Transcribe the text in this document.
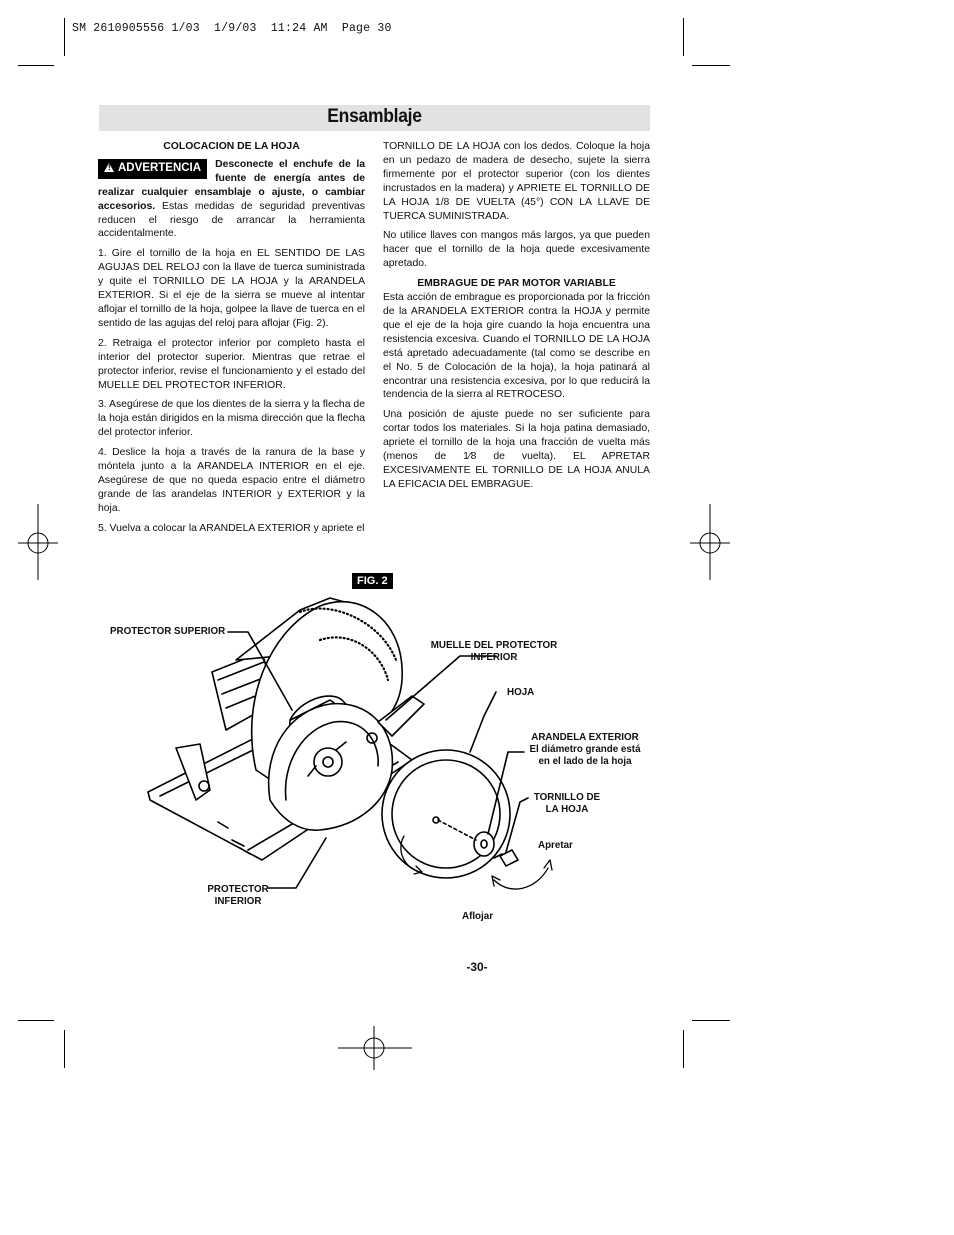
SM 2610905556 1/03  1/9/03  11:24 AM  Page 30
Ensamblaje

COLOCACION DE LA HOJA

! ADVERTENCIA	Desconecte el enchufe de la fuente de energía antes de realizar cualquier ensamblaje o ajuste, o cambiar accesorios. Estas medidas de seguridad preventivas reducen el riesgo de arrancar la herramienta accidentalmente.

1. Gire el tornillo de la hoja en EL SENTIDO DE LAS AGUJAS DEL RELOJ con la llave de tuerca suministrada y quite el TORNILLO DE LA HOJA y la ARANDELA EXTERIOR. Si el eje de la sierra se mueve al intentar aflojar el tornillo de la hoja, golpee la llave de tuerca en el sentido de las agujas del reloj para aflojar (Fig. 2).

2. Retraiga el protector inferior por completo hasta el interior del protector superior. Mientras que retrae el protector inferior, revise el funcionamiento y el estado del MUELLE DEL PROTECTOR INFERIOR.

3. Asegúrese de que los dientes de la sierra y la flecha de la hoja están dirigidos en la misma dirección que la flecha del protector inferior.

4. Deslice la hoja a través de la ranura de la base y móntela junto a la ARANDELA INTERIOR en el eje. Asegúrese de que no queda espacio entre el diámetro grande de las arandelas INTERIOR y EXTERIOR y la hoja.

5. Vuelva a colocar la ARANDELA EXTERIOR y apriete el

TORNILLO DE LA HOJA con los dedos. Coloque la hoja en un pedazo de madera de desecho, sujete la sierra firmemente por el protector superior (con los dientes incrustados en la madera) y APRIETE EL TORNILLO DE LA HOJA 1/8 DE VUELTA (45°) CON LA LLAVE DE TUERCA SUMINISTRADA.

No utilice llaves con mangos más largos, ya que pueden hacer que el tornillo de la hoja quede excesivamente apretado.

EMBRAGUE DE PAR MOTOR VARIABLE

Esta acción de embrague es proporcionada por la fricción de la ARANDELA EXTERIOR contra la HOJA y permite que el eje de la hoja gire cuando la hoja encuentra una resistencia excesiva. Cuando el TORNILLO DE LA HOJA está apretado adecuadamente (tal como se describe en el No. 5 de Colocación de la hoja), la hoja patinará al encontrar una resistencia excesiva, por lo que reducirá la tendencia de la sierra al RETROCESO.

Una posición de ajuste puede no ser suficiente para cortar todos los materiales. Si la hoja patina demasiado, apriete el tornillo de la hoja una fracción de vuelta más (menos de 1⁄8 de vuelta). EL APRETAR EXCESIVAMENTE EL TORNILLO DE LA HOJA ANULA LA EFICACIA DEL EMBRAGUE.

FIG. 2
PROTECTOR SUPERIOR
MUELLE DEL PROTECTOR
INFERIOR
HOJA
ARANDELA EXTERIOR
El diámetro grande está
en el lado de la hoja
TORNILLO DE
LA HOJA
Apretar
PROTECTOR
INFERIOR
Aflojar
-30-
